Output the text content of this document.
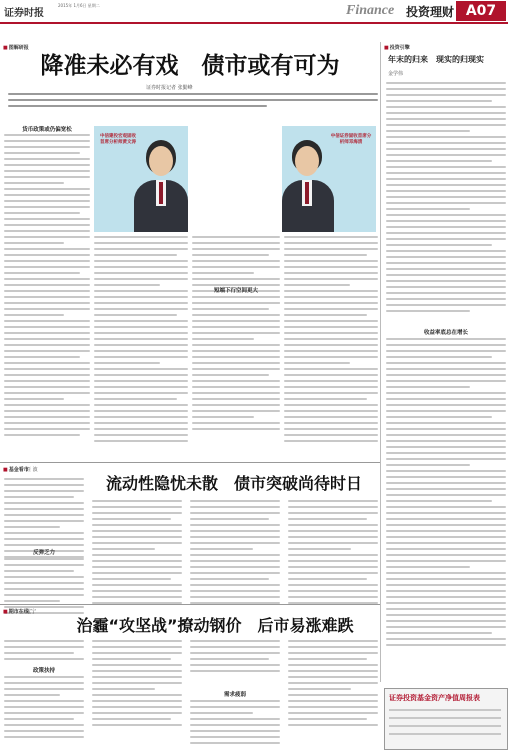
证券时报
2015年 1月6日 星期二	Finance 投资理财 A07
■ 图解研报
降准未必有戏　债市或有可为
证券时报记者 张勤峰
货币政策或仍偏宽松
中信建投宏观固收首席分析师黄文涛
中信证券固收首席分析师邓海清
短端下行空间更大
■ 投资引擎
年末的归来　现实的归现实
金学伟
收益率底总在增长
■ 基金看市
汪 波
流动性隐忧未散　债市突破尚待时日
反弹乏力
■ 期市在线
沈宁
治霾“攻坚战”撩动钢价　后市易涨难跌
政策扶持
需求疲弱	证券投资基金资产净值周报表
